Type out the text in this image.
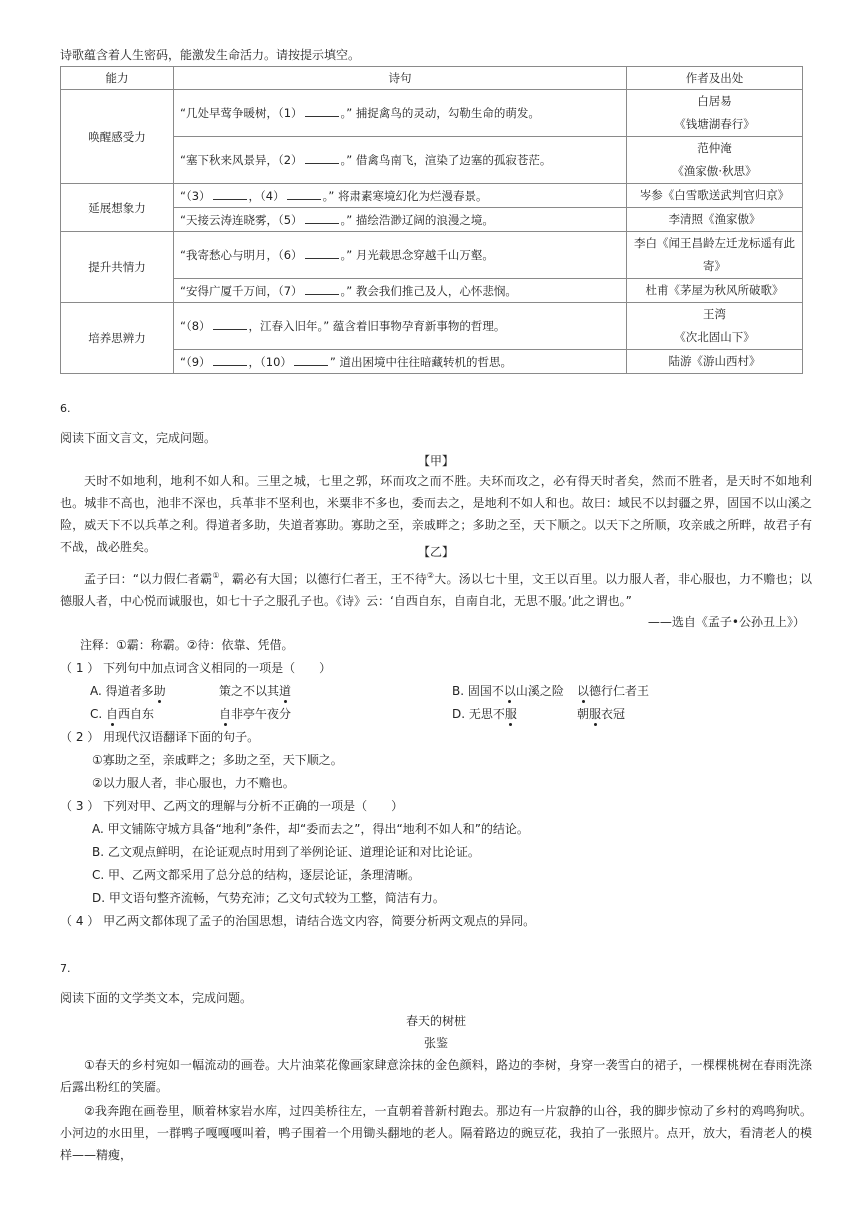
诗歌蕴含着人生密码，能激发生命活力。请按提示填空。
能力	诗句	作者及出处
唤醒感受力	“几处早莺争暖树，（1） 。” 捕捉禽鸟的灵动，勾勒生命的萌发。	白居易
《钱塘湖春行》

	“塞下秋来风景异，（2） 。” 借禽鸟南飞，渲染了边塞的孤寂苍茫。	范仲淹
《渔家傲·秋思》

延展想象力	“（3） ，（4） 。” 将肃素寒境幻化为烂漫春景。	岑参《白雪歌送武判官归京》

	“天接云涛连晓雾，（5） 。” 描绘浩渺辽阔的浪漫之境。	李清照《渔家傲》

提升共情力	“我寄愁心与明月，（6） 。” 月光载思念穿越千山万壑。	李白《闻王昌龄左迁龙标遥有此
寄》

	“安得广厦千万间，（7） 。” 教会我们推己及人，心怀悲悯。	杜甫《茅屋为秋风所破歌》

培养思辨力	“（8） ，江春入旧年。” 蕴含着旧事物孕育新事物的哲理。	王湾
《次北固山下》

	“（9） ，（10） ” 道出困境中往往暗藏转机的哲思。	陆游《游山西村》
6.
阅读下面文言文，完成问题。
【甲】
天时不如地利，地利不如人和。三里之城，七里之郭，环而攻之而不胜。夫环而攻之，必有得天时者矣，然而不胜者，是天时不如地利也。城非不高也，池非不深也，兵革非不坚利也，米粟非不多也，委而去之，是地利不如人和也。故曰：域民不以封疆之界，固国不以山溪之险，威天下不以兵革之利。得道者多助，失道者寡助。寡助之至，亲戚畔之；多助之至，天下顺之。以天下之所顺，攻亲戚之所畔，故君子有不战，战必胜矣。	【乙】
孟子曰：“以力假仁者霸①，霸必有大国；以德行仁者王，王不待②大。汤以七十里，文王以百里。以力服人者，非心服也，力不赡也；以德服人者，中心悦而诚服也，如七十子之服孔子也。《诗》云：‘自西自东，自南自北，无思不服。’此之谓也。”
——选自《孟子•公孙丑上》）
注释：①霸：称霸。②待：依靠、凭借。
（ 1 ） 下列句中加点词含义相同的一项是（　　）
A. 得道者多助	策之不以其道	B. 固国不以山溪之险 以德行仁者王
C. 自西自东	自非亭午夜分	D. 无思不服	朝服衣冠
（ 2 ） 用现代汉语翻译下面的句子。
①寡助之至，亲戚畔之；多助之至，天下顺之。
②以力服人者，非心服也，力不赡也。
（ 3 ） 下列对甲、乙两文的理解与分析不正确的一项是（　　）
A. 甲文铺陈守城方具备“地利”条件，却“委而去之”，得出“地利不如人和”的结论。
B. 乙文观点鲜明，在论证观点时用到了举例论证、道理论证和对比论证。
C. 甲、乙两文都采用了总分总的结构，逐层论证，条理清晰。
D. 甲文语句整齐流畅，气势充沛；乙文句式较为工整，简洁有力。
（ 4 ） 甲乙两文都体现了孟子的治国思想，请结合选文内容，简要分析两文观点的异同。
7.
阅读下面的文学类文本，完成问题。
春天的树桩
张鉴
①春天的乡村宛如一幅流动的画卷。大片油菜花像画家肆意涂抹的金色颜料，路边的李树，身穿一袭雪白的裙子，一棵棵桃树在春雨洗涤后露出粉红的笑靥。
②我奔跑在画卷里，顺着林家岩水库，过四美桥往左，一直朝着普新村跑去。那边有一片寂静的山谷，我的脚步惊动了乡村的鸡鸣狗吠。小河边的水田里，一群鸭子嘎嘎嘎叫着，鸭子围着一个用锄头翻地的老人。隔着路边的豌豆花，我拍了一张照片。点开，放大，看清老人的模样——精瘦，
